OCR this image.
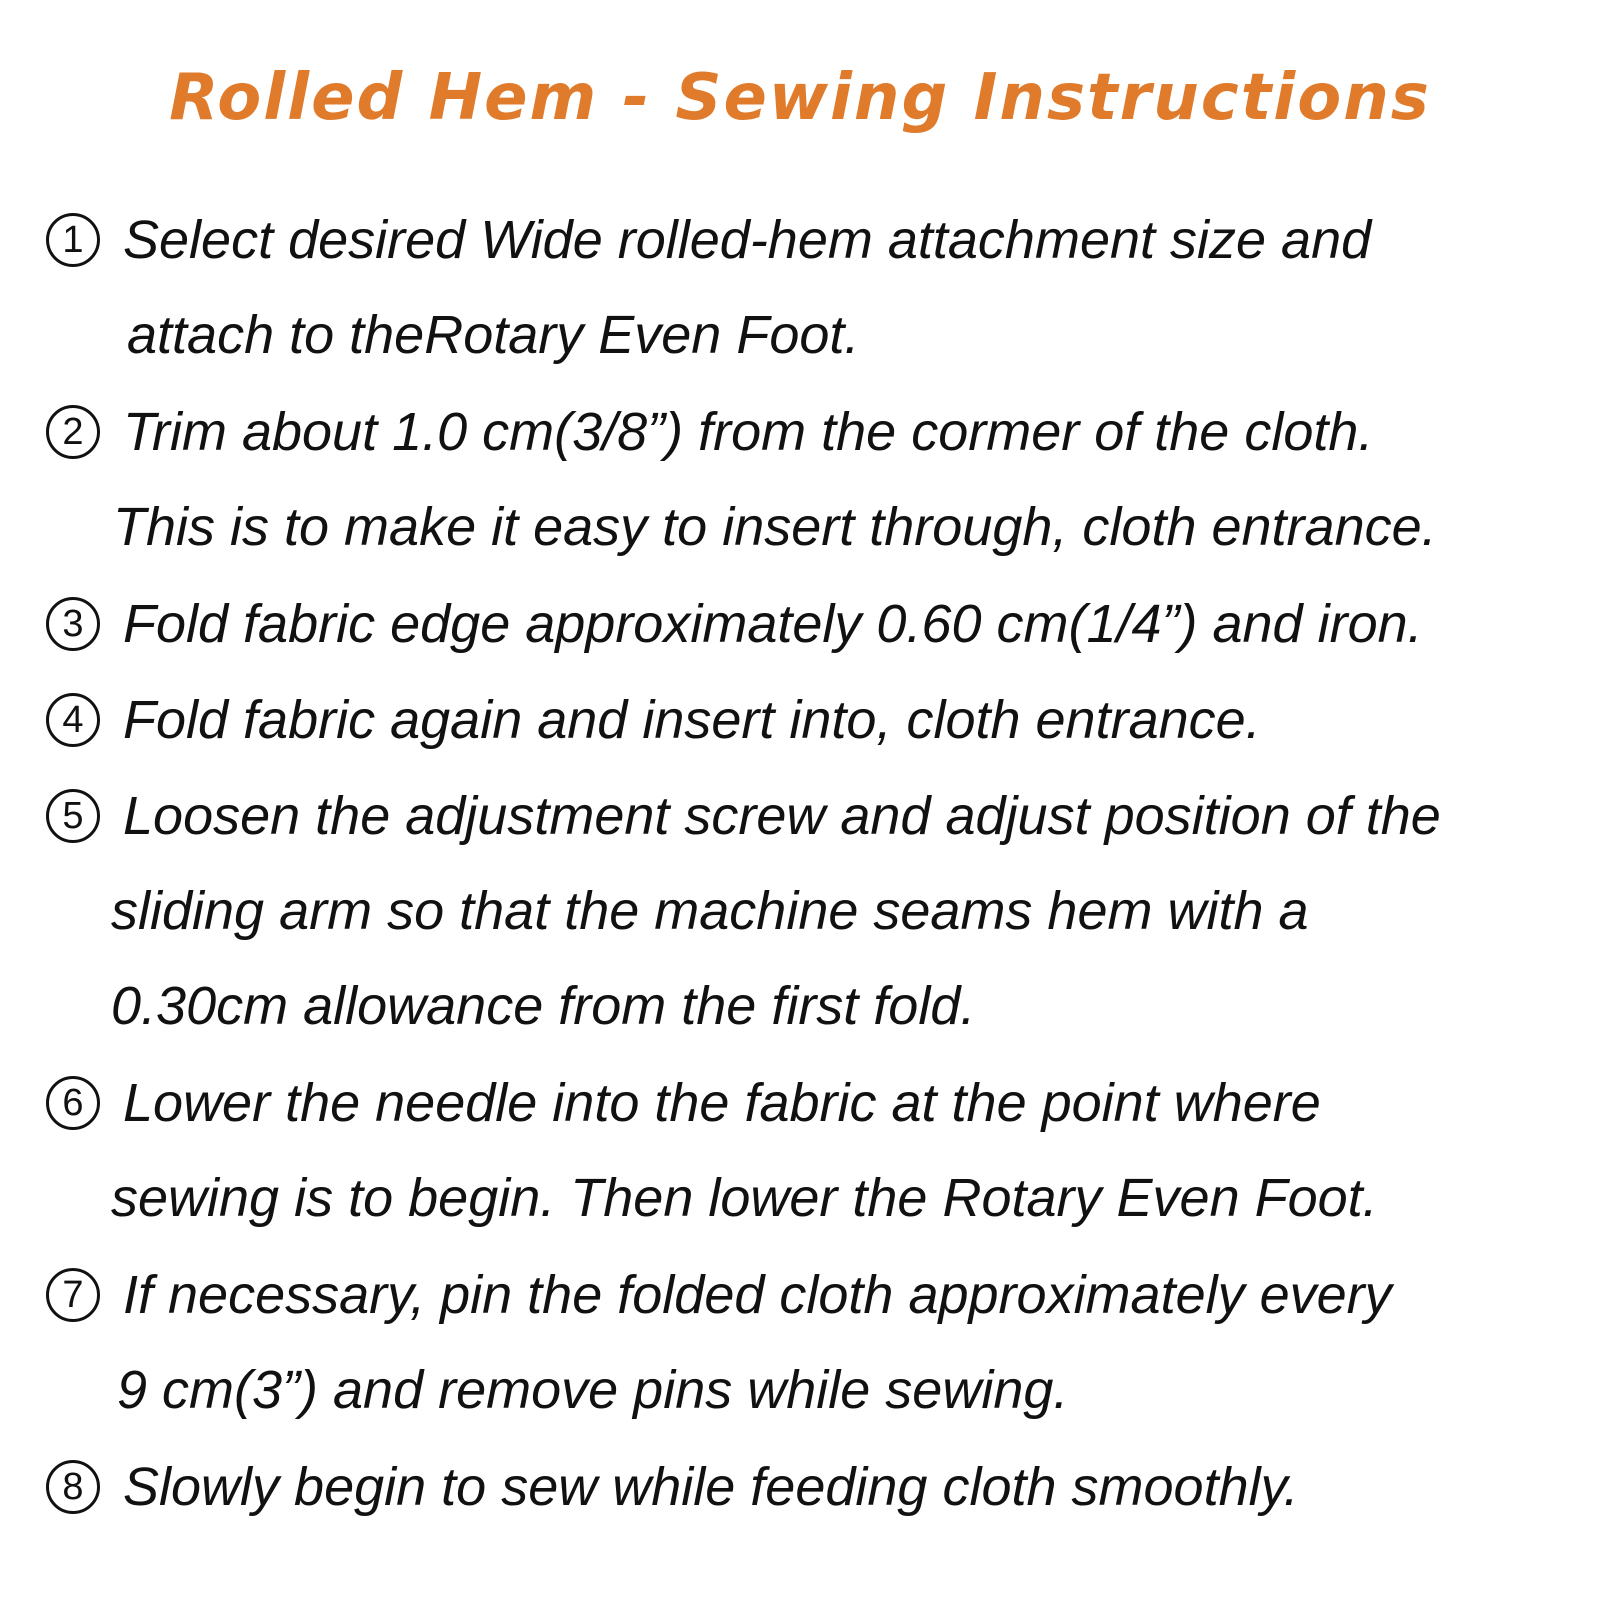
Rolled Hem - Sewing Instructions
1 Select desired Wide rolled-hem attachment size and
attach to theRotary Even Foot.
2 Trim about 1.0 cm(3/8”) from the cormer of the cloth.
This is to make it easy to insert through, cloth entrance.
3 Fold fabric edge approximately 0.60 cm(1/4”) and iron.
4 Fold fabric again and insert into, cloth entrance.
5 Loosen the adjustment screw and adjust position of the
sliding arm so that the machine seams hem with a
0.30cm allowance from the first fold.
6 Lower the needle into the fabric at the point where
sewing is to begin. Then lower the Rotary Even Foot.
7 If necessary, pin the folded cloth approximately every
9 cm(3”) and remove pins while sewing.
8 Slowly begin to sew while feeding cloth smoothly.
